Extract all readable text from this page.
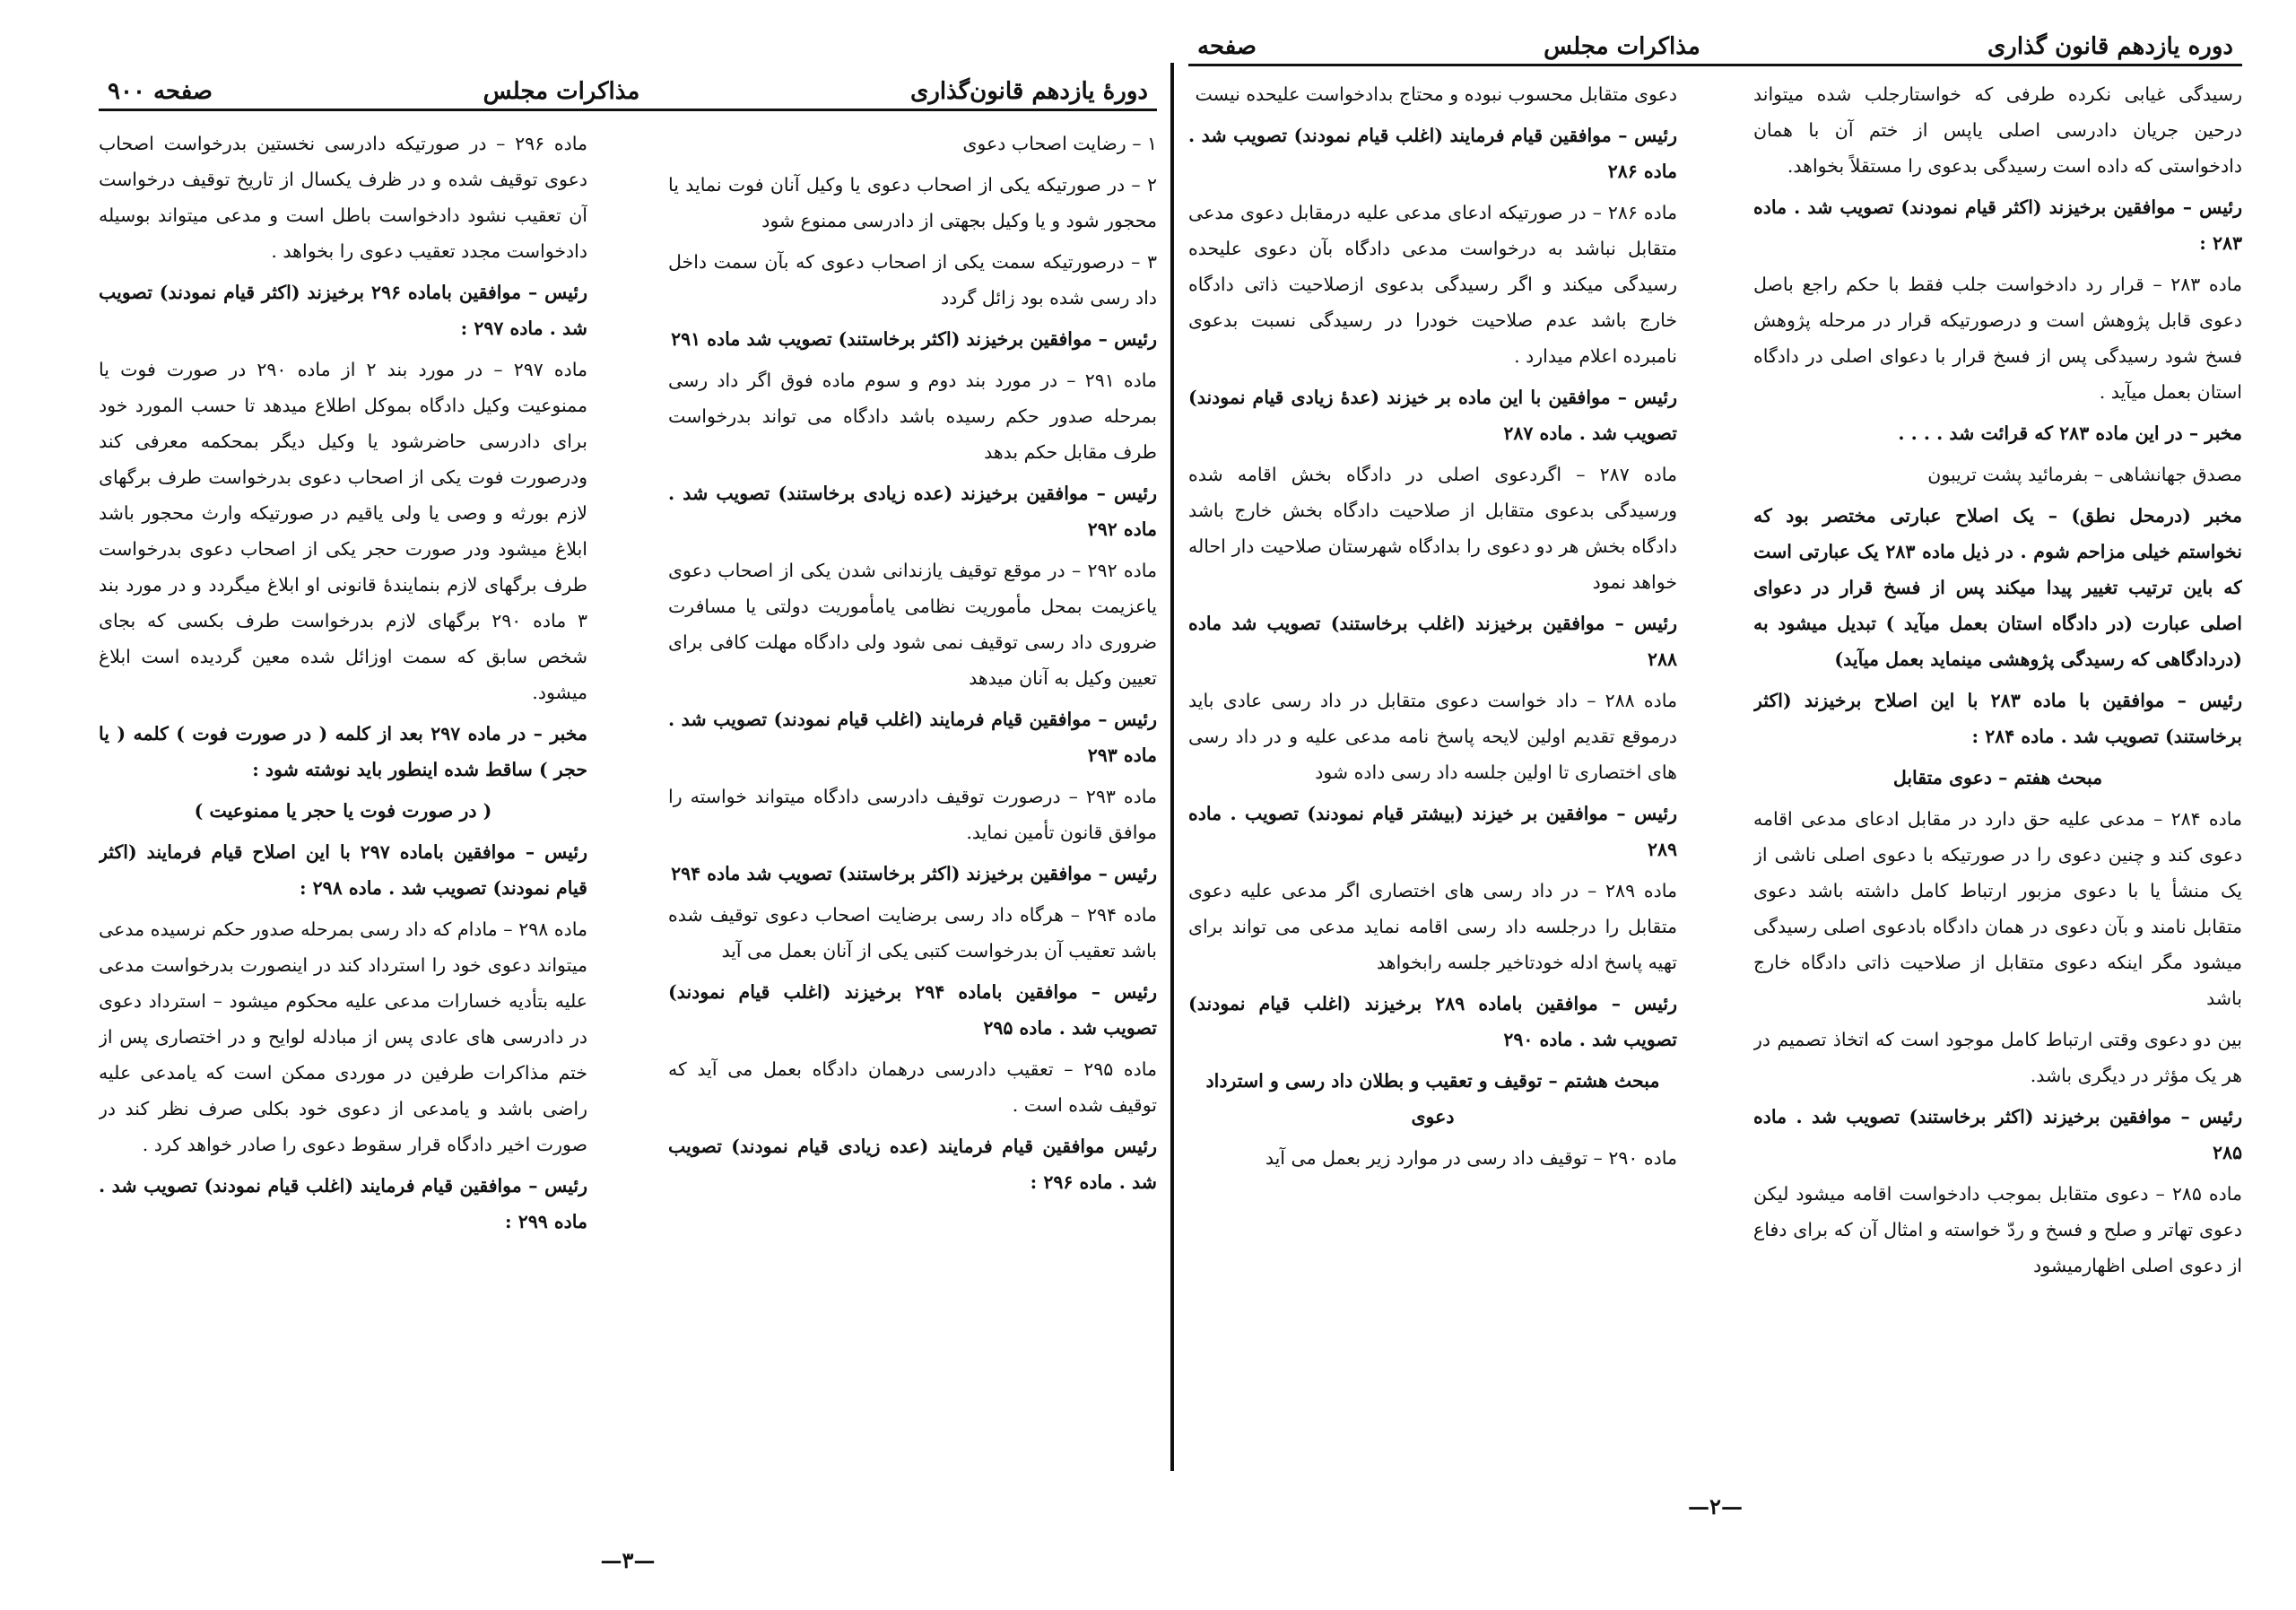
دورهٔ یازدهم قانون‌گذاری
مذاکرات مجلس
صفحه ۹۰۰

۱ – رضایت اصحاب دعوی

۲ – در صورتیکه یکی از اصحاب دعوی یا وکیل آنان فوت نماید یا محجور شود و یا وکیل بجهتی از دادرسی ممنوع شود

۳ – درصورتیکه سمت یکی از اصحاب دعوی که بآن سمت داخل داد رسی شده بود زائل گردد

رئیس – موافقین برخیزند (اکثر برخاستند) تصویب شد ماده ۲۹۱

ماده ۲۹۱ – در مورد بند دوم و سوم ماده فوق اگر داد رسی بمرحله صدور حکم رسیده باشد دادگاه می تواند بدرخواست طرف مقابل حکم بدهد

رئیس – موافقین برخیزند (عده زیادی برخاستند) تصویب شد . ماده ۲۹۲

ماده ۲۹۲ – در موقع توقیف یازندانی شدن یکی از اصحاب دعوی یاعزیمت بمحل مأموریت نظامی یامأموریت دولتی یا مسافرت ضروری داد رسی توقیف نمی شود ولی دادگاه مهلت کافی برای تعیین وکیل به آنان میدهد

رئیس – موافقین قیام فرمایند (اغلب قیام نمودند) تصویب شد . ماده ۲۹۳

ماده ۲۹۳ – درصورت توقیف دادرسی دادگاه میتواند خواسته را موافق قانون تأمین نماید.

رئیس – موافقین برخیزند (اکثر برخاستند) تصویب شد ماده ۲۹۴

ماده ۲۹۴ – هرگاه داد رسی برضایت اصحاب دعوی توقیف شده باشد تعقیب آن بدرخواست کتبی یکی از آنان بعمل می آید

رئیس – موافقین باماده ۲۹۴ برخیزند (اغلب قیام نمودند) تصویب شد . ماده ۲۹۵

ماده ۲۹۵ – تعقیب دادرسی درهمان دادگاه بعمل می آید که توقیف شده است .

رئیس موافقین قیام فرمایند (عده زیادی قیام نمودند) تصویب شد . ماده ۲۹۶ :

ماده ۲۹۶ – در صورتیکه دادرسی نخستین بدرخواست اصحاب دعوی توقیف شده و در ظرف یکسال از تاریخ توقیف درخواست آن تعقیب نشود دادخواست باطل است و مدعی میتواند بوسیله دادخواست مجدد تعقیب دعوی را بخواهد .

رئیس – موافقین باماده ۲۹۶ برخیزند (اکثر قیام نمودند) تصویب شد . ماده ۲۹۷ :

ماده ۲۹۷ – در مورد بند ۲ از ماده ۲۹۰ در صورت فوت یا ممنوعیت وکیل دادگاه بموکل اطلاع میدهد تا حسب المورد خود برای دادرسی حاضرشود یا وکیل دیگر بمحکمه معرفی کند ودرصورت فوت یکی از اصحاب دعوی بدرخواست طرف برگهای لازم بورثه و وصی یا ولی یاقیم در صورتیکه وارث محجور باشد ابلاغ میشود ودر صورت حجر یکی از اصحاب دعوی بدرخواست طرف برگهای لازم بنمایندهٔ قانونی او ابلاغ میگردد و در مورد بند ۳ ماده ۲۹۰ برگهای لازم بدرخواست طرف بکسی که بجای شخص سابق که سمت اوزائل شده معین گردیده است ابلاغ میشود.

مخبر – در ماده ۲۹۷ بعد از کلمه ( در صورت فوت ) کلمه ( یا حجر ) ساقط شده اینطور باید نوشته شود :

( در صورت فوت یا حجر یا ممنوعیت )

رئیس – موافقین باماده ۲۹۷ با این اصلاح قیام فرمایند (اکثر قیام نمودند) تصویب شد . ماده ۲۹۸ :

ماده ۲۹۸ – مادام که داد رسی بمرحله صدور حکم نرسیده مدعی میتواند دعوی خود را استرداد کند در اینصورت بدرخواست مدعی علیه بتأدیه خسارات مدعی علیه محکوم میشود – استرداد دعوی در دادرسی های عادی پس از مبادله لوایح و در اختصاری پس از ختم مذاکرات طرفین در موردی ممکن است که یامدعی علیه راضی باشد و یامدعی از دعوی خود بکلی صرف نظر کند در صورت اخیر دادگاه قرار سقوط دعوی را صادر خواهد کرد .

رئیس – موافقین قیام فرمایند (اغلب قیام نمودند) تصویب شد . ماده ۲۹۹ :

—۳—
دوره یازدهم قانون گذاری
مذاکرات مجلس
صفحه

رسیدگی غیابی نکرده طرفی که خواستارجلب شده میتواند درحین جریان دادرسی اصلی یاپس از ختم آن با همان دادخواستی که داده است رسیدگی بدعوی را مستقلاً بخواهد.

رئیس – موافقین برخیزند (اکثر قیام نمودند) تصویب شد . ماده ۲۸۳ :

ماده ۲۸۳ – قرار رد دادخواست جلب فقط با حکم راجع باصل دعوی قابل پژوهش است و درصورتیکه قرار در مرحله پژوهش فسخ شود رسیدگی پس از فسخ قرار با دعوای اصلی در دادگاه استان بعمل میآید .

مخبر – در این ماده ۲۸۳ که قرائت شد . . . .

مصدق جهانشاهی – بفرمائید پشت تریبون

مخبر (درمحل نطق) – یک اصلاح عبارتی مختصر بود که نخواستم خیلی مزاحم شوم . در ذیل ماده ۲۸۳ یک عبارتی است که باین ترتیب تغییر پیدا میکند پس از فسخ قرار در دعوای اصلی عبارت (در دادگاه استان بعمل میآید ) تبدیل میشود به (دردادگاهی که رسیدگی پژوهشی مینماید بعمل میآید)

رئیس – موافقین با ماده ۲۸۳ با این اصلاح برخیزند (اکثر برخاستند) تصویب شد . ماده ۲۸۴ :

مبحث هفتم – دعوی متقابل

ماده ۲۸۴ – مدعی علیه حق دارد در مقابل ادعای مدعی اقامه دعوی کند و چنین دعوی را در صورتیکه با دعوی اصلی ناشی از یک منشأ یا با دعوی مزبور ارتباط کامل داشته باشد دعوی متقابل نامند و بآن دعوی در همان دادگاه بادعوی اصلی رسیدگی میشود مگر اینکه دعوی متقابل از صلاحیت ذاتی دادگاه خارج باشد

بین دو دعوی وقتی ارتباط کامل موجود است که اتخاذ تصمیم در هر یک مؤثر در دیگری باشد.

رئیس – موافقین برخیزند (اکثر برخاستند) تصویب شد . ماده ۲۸۵

ماده ۲۸۵ – دعوی متقابل بموجب دادخواست اقامه میشود لیکن دعوی تهاتر و صلح و فسخ و ردّ خواسته و امثال آن که برای دفاع از دعوی اصلی اظهارمیشود

دعوی متقابل محسوب نبوده و محتاج بدادخواست علیحده نیست

رئیس – موافقین قیام فرمایند (اغلب قیام نمودند) تصویب شد . ماده ۲۸۶

ماده ۲۸۶ – در صورتیکه ادعای مدعی علیه درمقابل دعوی مدعی متقابل نباشد به درخواست مدعی دادگاه بآن دعوی علیحده رسیدگی میکند و اگر رسیدگی بدعوی ازصلاحیت ذاتی دادگاه خارج باشد عدم صلاحیت خودرا در رسیدگی نسبت بدعوی نامبرده اعلام میدارد .

رئیس – موافقین با این ماده بر خیزند (عدهٔ زیادی قیام نمودند) تصویب شد . ماده ۲۸۷

ماده ۲۸۷ – اگردعوی اصلی در دادگاه بخش اقامه شده ورسیدگی بدعوی متقابل از صلاحیت دادگاه بخش خارج باشد دادگاه بخش هر دو دعوی را بدادگاه شهرستان صلاحیت دار احاله خواهد نمود

رئیس – موافقین برخیزند (اغلب برخاستند) تصویب شد ماده ۲۸۸

ماده ۲۸۸ – داد خواست دعوی متقابل در داد رسی عادی باید درموقع تقدیم اولین لایحه پاسخ نامه مدعی علیه و در داد رسی های اختصاری تا اولین جلسه داد رسی داده شود

رئیس – موافقین بر خیزند (بیشتر قیام نمودند) تصویب . ماده ۲۸۹

ماده ۲۸۹ – در داد رسی های اختصاری اگر مدعی علیه دعوی متقابل را درجلسه داد رسی اقامه نماید مدعی می تواند برای تهیه پاسخ ادله خودتاخیر جلسه رابخواهد

رئیس – موافقین باماده ۲۸۹ برخیزند (اغلب قیام نمودند) تصویب شد . ماده ۲۹۰

مبحث هشتم – توقیف و تعقیب و بطلان داد رسی و استرداد دعوی

ماده ۲۹۰ – توقیف داد رسی در موارد زیر بعمل می آید

—۲—
